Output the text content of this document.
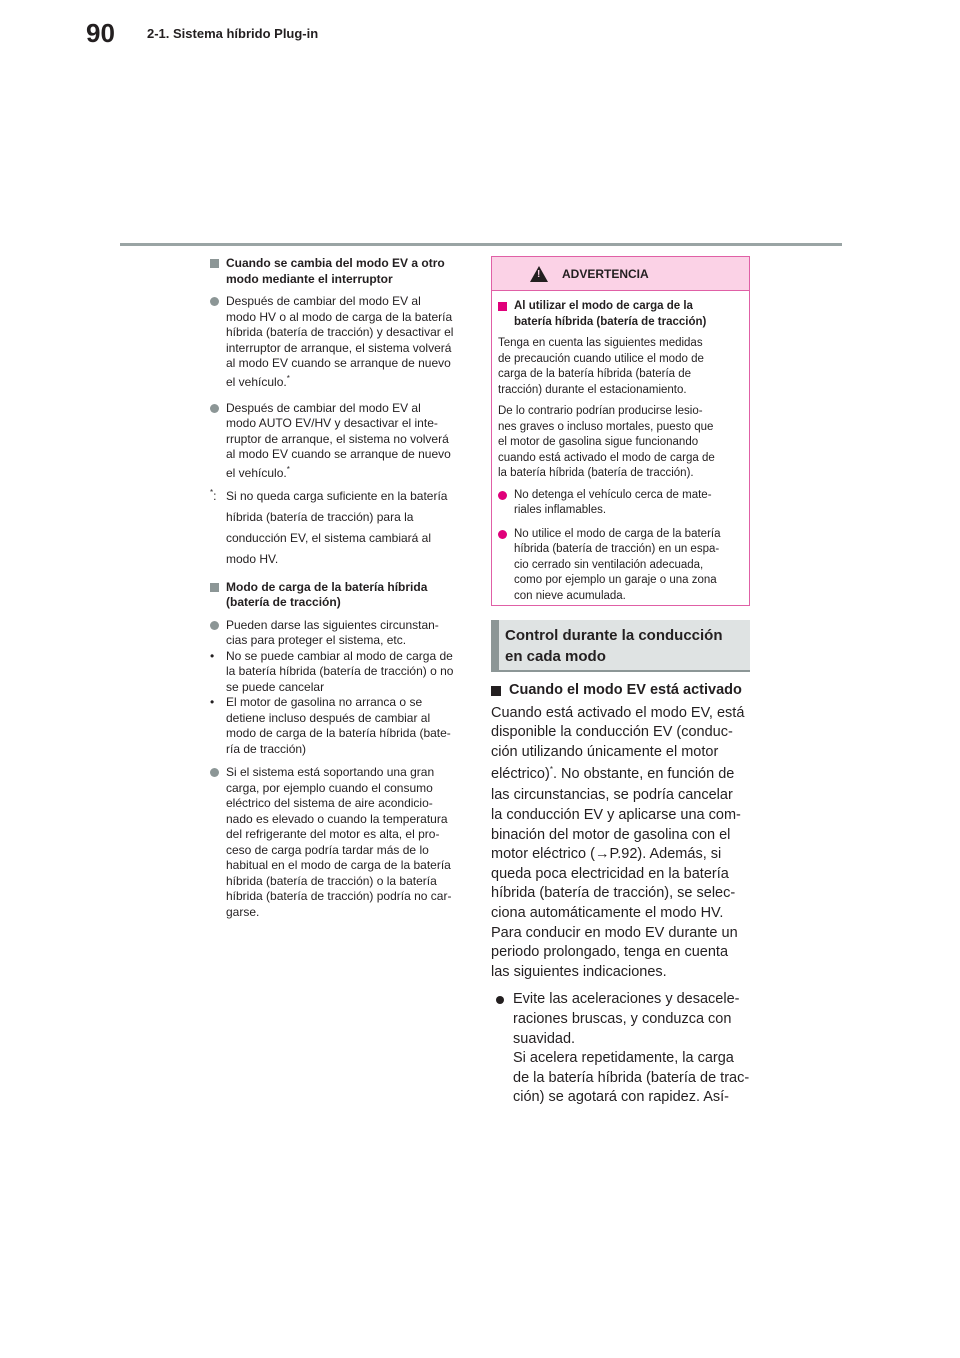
90 2-1. Sistema híbrido Plug-in
Cuando se cambia del modo EV a otro
modo mediante el interruptor
Después de cambiar del modo EV al
modo HV o al modo de carga de la batería
híbrida (batería de tracción) y desactivar el
interruptor de arranque, el sistema volverá
al modo EV cuando se arranque de nuevo
el vehículo.*
Después de cambiar del modo EV al
modo AUTO EV/HV y desactivar el inte-
rruptor de arranque, el sistema no volverá
al modo EV cuando se arranque de nuevo
el vehículo.*
*: Si no queda carga suficiente en la batería
híbrida (batería de tracción) para la
conducción EV, el sistema cambiará al
modo HV.
Modo de carga de la batería híbrida
(batería de tracción)
Pueden darse las siguientes circunstan-
cias para proteger el sistema, etc.
• No se puede cambiar al modo de carga de
la batería híbrida (batería de tracción) o no
se puede cancelar
• El motor de gasolina no arranca o se
detiene incluso después de cambiar al
modo de carga de la batería híbrida (bate-
ría de tracción)
Si el sistema está soportando una gran
carga, por ejemplo cuando el consumo
eléctrico del sistema de aire acondicio-
nado es elevado o cuando la temperatura
del refrigerante del motor es alta, el pro-
ceso de carga podría tardar más de lo
habitual en el modo de carga de la batería
híbrida (batería de tracción) o la batería
híbrida (batería de tracción) podría no car-
garse.
!
ADVERTENCIA
Al utilizar el modo de carga de la
batería híbrida (batería de tracción)

Tenga en cuenta las siguientes medidas
de precaución cuando utilice el modo de
carga de la batería híbrida (batería de
tracción) durante el estacionamiento.

De lo contrario podrían producirse lesio-
nes graves o incluso mortales, puesto que
el motor de gasolina sigue funcionando
cuando está activado el modo de carga de
la batería híbrida (batería de tracción).

No detenga el vehículo cerca de mate-
riales inflamables.
No utilice el modo de carga de la batería
híbrida (batería de tracción) en un espa-
cio cerrado sin ventilación adecuada,
como por ejemplo un garaje o una zona
con nieve acumulada.
Control durante la conducción
en cada modo
Cuando el modo EV está activado
Cuando está activado el modo EV, está
disponible la conducción EV (conduc-
ción utilizando únicamente el motor
eléctrico)*. No obstante, en función de
las circunstancias, se podría cancelar
la conducción EV y aplicarse una com-
binación del motor de gasolina con el
motor eléctrico (→P.92). Además, si
queda poca electricidad en la batería
híbrida (batería de tracción), se selec-
ciona automáticamente el modo HV.
Para conducir en modo EV durante un
periodo prolongado, tenga en cuenta
las siguientes indicaciones.
Evite las aceleraciones y desacele-
raciones bruscas, y conduzca con
suavidad.
Si acelera repetidamente, la carga
de la batería híbrida (batería de trac-
ción) se agotará con rapidez. Así-
